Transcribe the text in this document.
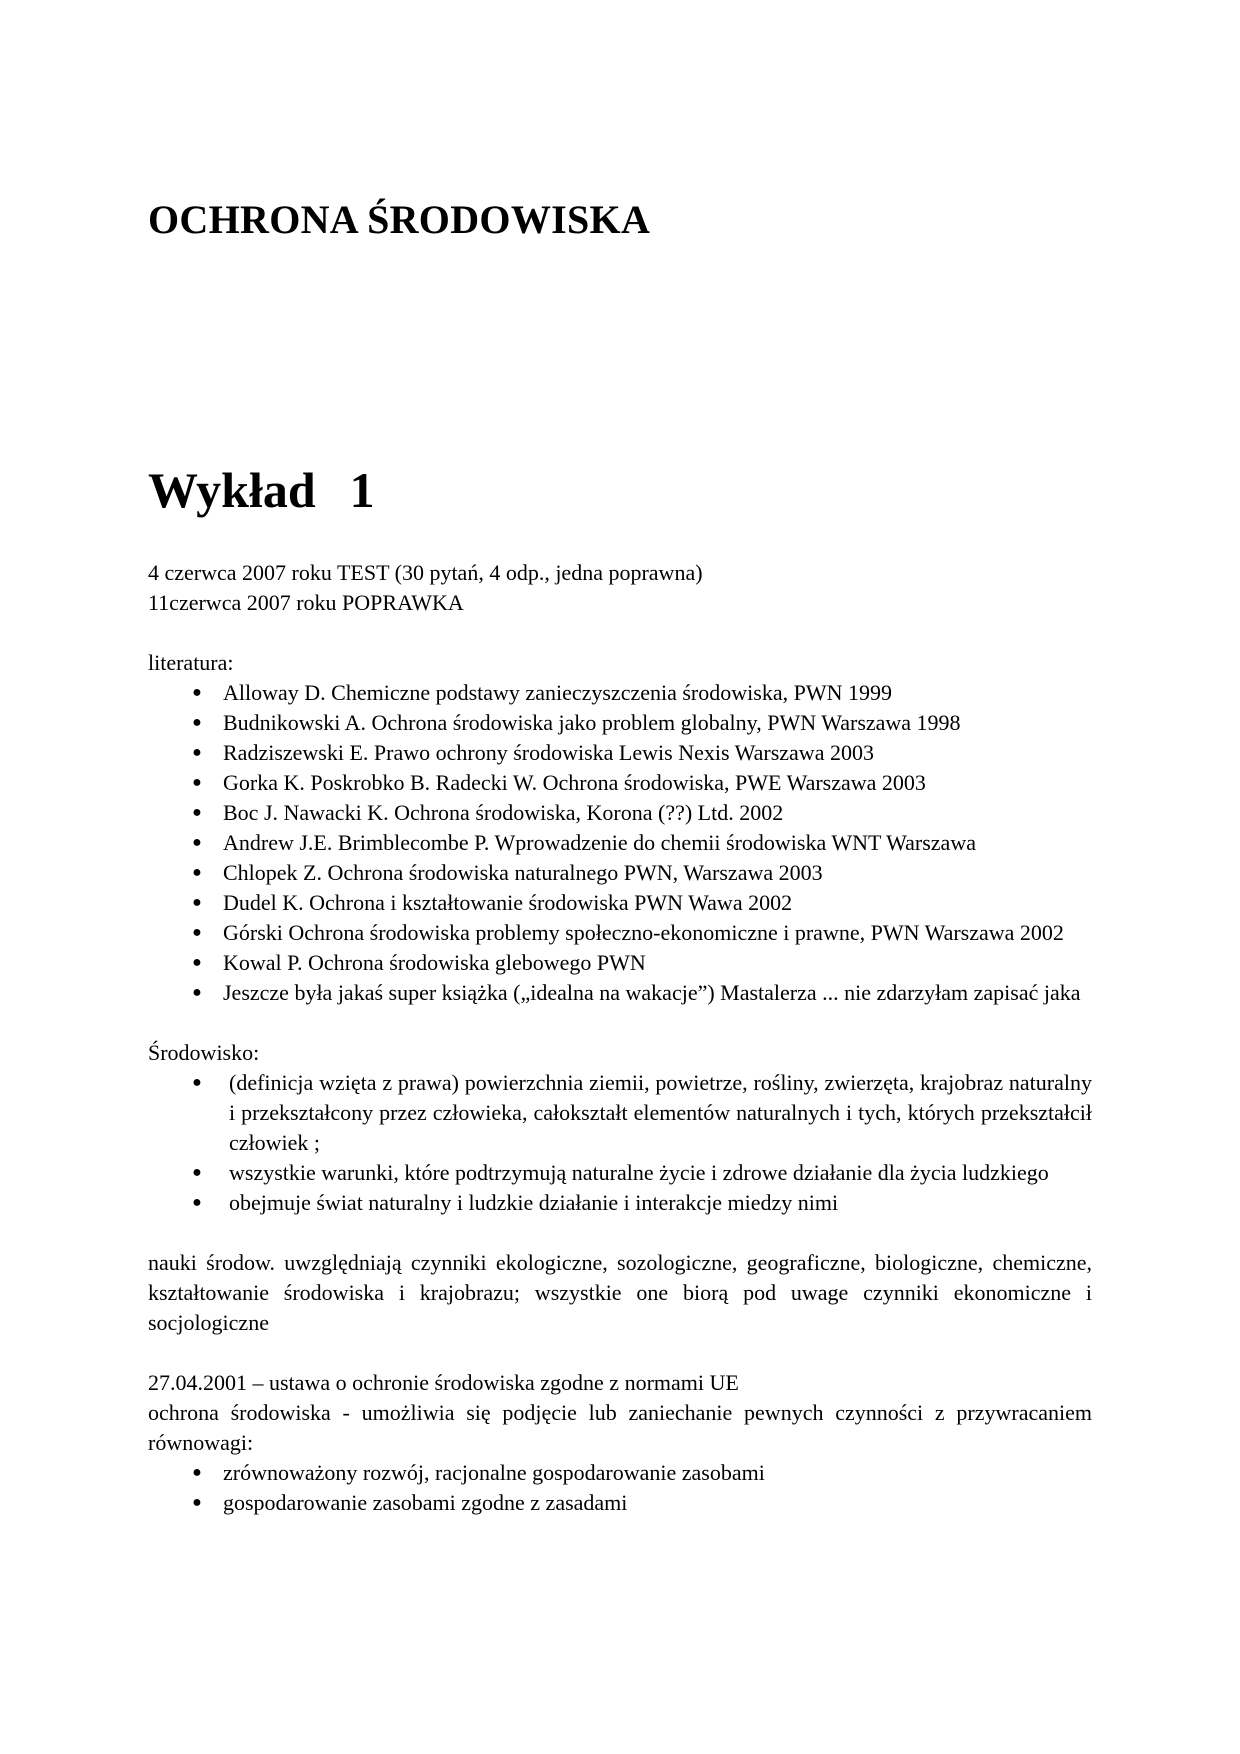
OCHRONA ŚRODOWISKA
Wykład 1

4 czerwca 2007 roku TEST (30 pytań, 4 odp., jedna poprawna)

11czerwca 2007 roku POPRAWKA

literatura:

● Alloway D. Chemiczne podstawy zanieczyszczenia środowiska, PWN 1999
● Budnikowski A. Ochrona środowiska jako problem globalny, PWN Warszawa 1998
● Radziszewski E. Prawo ochrony środowiska Lewis Nexis Warszawa 2003
● Gorka K. Poskrobko B. Radecki W. Ochrona środowiska, PWE Warszawa 2003
● Boc J. Nawacki K. Ochrona środowiska, Korona (??) Ltd. 2002
● Andrew J.E. Brimblecombe P. Wprowadzenie do chemii środowiska WNT Warszawa
● Chlopek Z. Ochrona środowiska naturalnego PWN, Warszawa 2003
● Dudel K. Ochrona i kształtowanie środowiska PWN Wawa 2002
● Górski Ochrona środowiska problemy społeczno-ekonomiczne i prawne, PWN Warszawa 2002
● Kowal P. Ochrona środowiska glebowego PWN
● Jeszcze była jakaś super książka („idealna na wakacje”) Mastalerza ... nie zdarzyłam zapisać jaka

Środowisko:

● (definicja wzięta z prawa) powierzchnia ziemii, powietrze, rośliny, zwierzęta, krajobraz naturalny i przekształcony przez człowieka, całokształt elementów naturalnych i tych, których przekształcił człowiek ;
● wszystkie warunki, które podtrzymują naturalne życie i zdrowe działanie dla życia ludzkiego
● obejmuje świat naturalny i ludzkie działanie i interakcje miedzy nimi

nauki środow. uwzględniają czynniki ekologiczne, sozologiczne, geograficzne, biologiczne, chemiczne, kształtowanie środowiska i krajobrazu; wszystkie one biorą pod uwage czynniki ekonomiczne i socjologiczne

27.04.2001 – ustawa o ochronie środowiska zgodne z normami UE

ochrona środowiska - umożliwia się podjęcie lub zaniechanie pewnych czynności z przywracaniem równowagi:

● zrównoważony rozwój, racjonalne gospodarowanie zasobami
● gospodarowanie zasobami zgodne z zasadami
